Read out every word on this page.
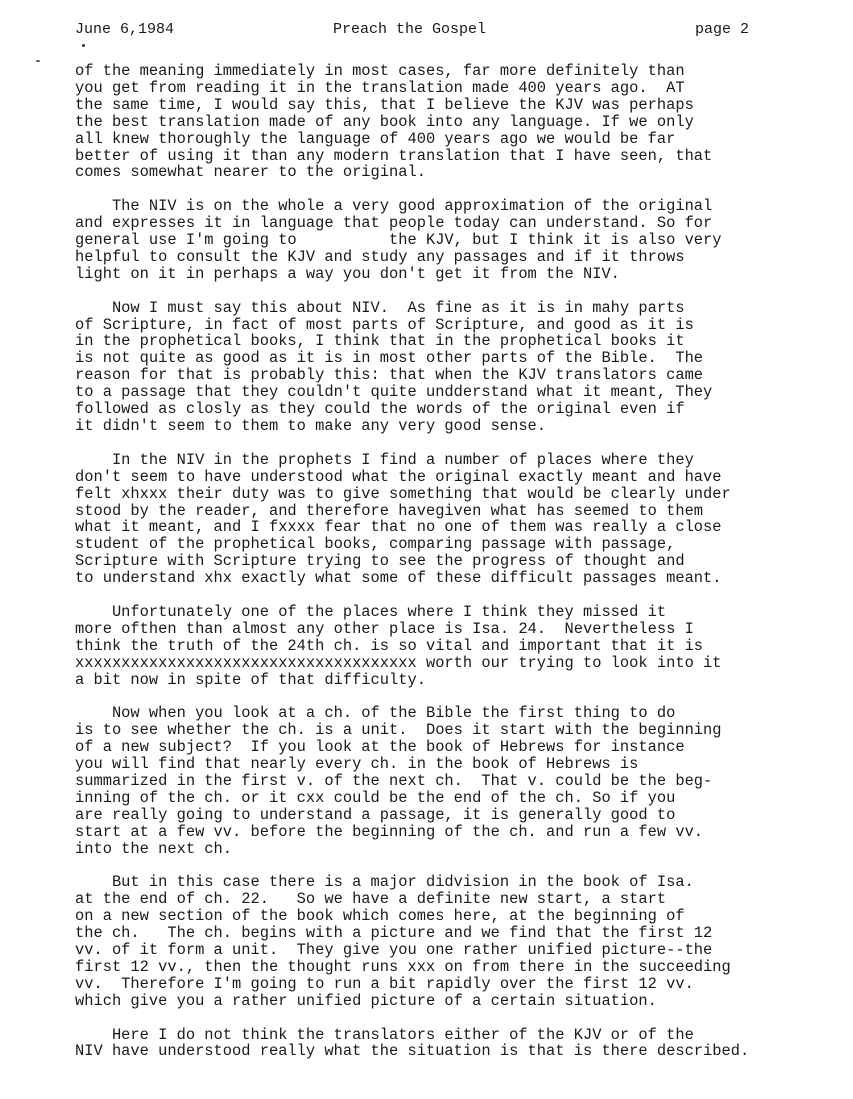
June 6,1984	Preach the Gospel	page 2
of the meaning immediately in most cases, far more definitely than
you get from reading it in the translation made 400 years ago.  AT
the same time, I would say this, that I believe the KJV was perhaps
the best translation made of any book into any language. If we only
all knew thoroughly the language of 400 years ago we would be far
better of using it than any modern translation that I have seen, that
comes somewhat nearer to the original.
The NIV is on the whole a very good approximation of the original
and expresses it in language that people today can understand. So for
general use I'm going to          the KJV, but I think it is also very
helpful to consult the KJV and study any passages and if it throws
light on it in perhaps a way you don't get it from the NIV.
Now I must say this about NIV.  As fine as it is in mahy parts
of Scripture, in fact of most parts of Scripture, and good as it is
in the prophetical books, I think that in the prophetical books it
is not quite as good as it is in most other parts of the Bible.  The
reason for that is probably this: that when the KJV translators came
to a passage that they couldn't quite undderstand what it meant, They
followed as closly as they could the words of the original even if
it didn't seem to them to make any very good sense.
In the NIV in the prophets I find a number of places where they
don't seem to have understood what the original exactly meant and have
felt xhxxx their duty was to give something that would be clearly under
stood by the reader, and therefore havegiven what has seemed to them
what it meant, and I fxxxx fear that no one of them was really a close
student of the prophetical books, comparing passage with passage,
Scripture with Scripture trying to see the progress of thought and
to understand xhx exactly what some of these difficult passages meant.
Unfortunately one of the places where I think they missed it
more ofthen than almost any other place is Isa. 24.  Nevertheless I
think the truth of the 24th ch. is so vital and important that it is
xxxxxxxxxxxxxxxxxxxxxxxxxxxxxxxxxxxxx worth our trying to look into it
a bit now in spite of that difficulty.
Now when you look at a ch. of the Bible the first thing to do
is to see whether the ch. is a unit.  Does it start with the beginning
of a new subject?  If you look at the book of Hebrews for instance
you will find that nearly every ch. in the book of Hebrews is
summarized in the first v. of the next ch.  That v. could be the beg-
inning of the ch. or it cxx could be the end of the ch. So if you
are really going to understand a passage, it is generally good to
start at a few vv. before the beginning of the ch. and run a few vv.
into the next ch.
But in this case there is a major didvision in the book of Isa.
at the end of ch. 22.   So we have a definite new start, a start
on a new section of the book which comes here, at the beginning of
the ch.   The ch. begins with a picture and we find that the first 12
vv. of it form a unit.  They give you one rather unified picture--the
first 12 vv., then the thought runs xxx on from there in the succeeding
vv.  Therefore I'm going to run a bit rapidly over the first 12 vv.
which give you a rather unified picture of a certain situation.
Here I do not think the translators either of the KJV or of the
NIV have understood really what the situation is that is there described.
